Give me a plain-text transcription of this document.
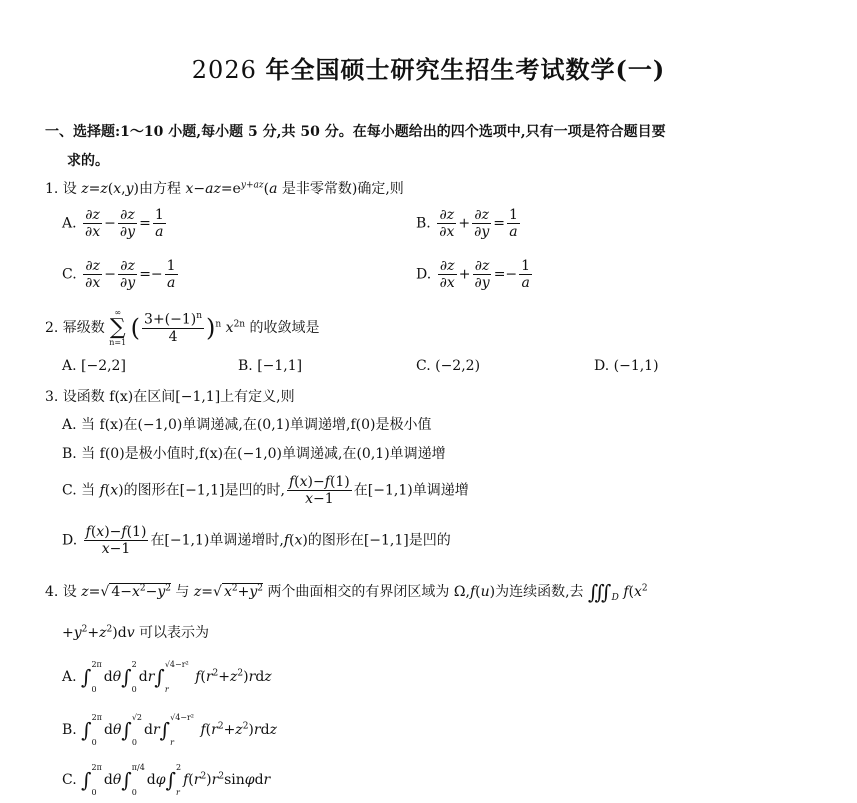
2026 年全国硕士研究生招生考试数学(一)
一、选择题:1～10 小题,每小题 5 分,共 50 分。在每小题给出的四个选项中,只有一项是符合题目要
求的。
1. 设 z=z(x,y)由方程 $x-az=e^{y+az}(a$ 是非零常数)确定,则
A. $\frac{\partial z}{\partial x} - \frac{\partial z}{\partial y} = \frac{1}{a}$	B. $\frac{\partial z}{\partial x} + \frac{\partial z}{\partial y} = \frac{1}{a}$
C. $\frac{\partial z}{\partial x} - \frac{\partial z}{\partial y} =- \frac{1}{a}$	D. $\frac{\partial z}{\partial x} + \frac{\partial z}{\partial y} =- \frac{1}{a}$
2. 幂级数
∞
∑
n=1
( $\frac{3+(-1)^n}{4} )^n$ $x^{2n}$ 的收敛域是
A. [−2,2]	B. [−1,1]	C. (−2,2)	D. (−1,1)
3. 设函数 f(x)在区间[−1,1]上有定义,则
A. 当 f(x)在(−1,0)单调递减,在(0,1)单调递增,f(0)是极小值
B. 当 f(0)是极小值时,f(x)在(−1,0)单调递减,在(0,1)单调递增
C. 当 f(x)的图形在[−1,1]是凹的时, $\frac{f(x)-f(1)}{x-1}$ 在[−1,1)单调递增
D. $\frac{f(x)-f(1)}{x-1}$ 在[−1,1)单调递增时,f(x)的图形在[−1,1]是凹的
4. 设 z=√ $4-x^2-y^2$ 与 z=√ $x^2+y^2$ 两个曲面相交的有界闭区域为 Ω,f(u)为连续函数,去 $∭_D$ $f(x^2$
$+y^2+z^2)dv$ 可以表示为
A. ∫
2π
0
dθ∫
2
0
dr∫
√4−r²
r
$f(r^2+z^2)rdz$
B. ∫
2π
0
dθ∫
√2
0
dr∫
√4−r²
r
$f(r^2+z^2)rdz$
C. ∫
2π
0
dθ∫
π/4
0
dφ∫
2
r
$f(r^2)r^2\sin\varphi dr$
